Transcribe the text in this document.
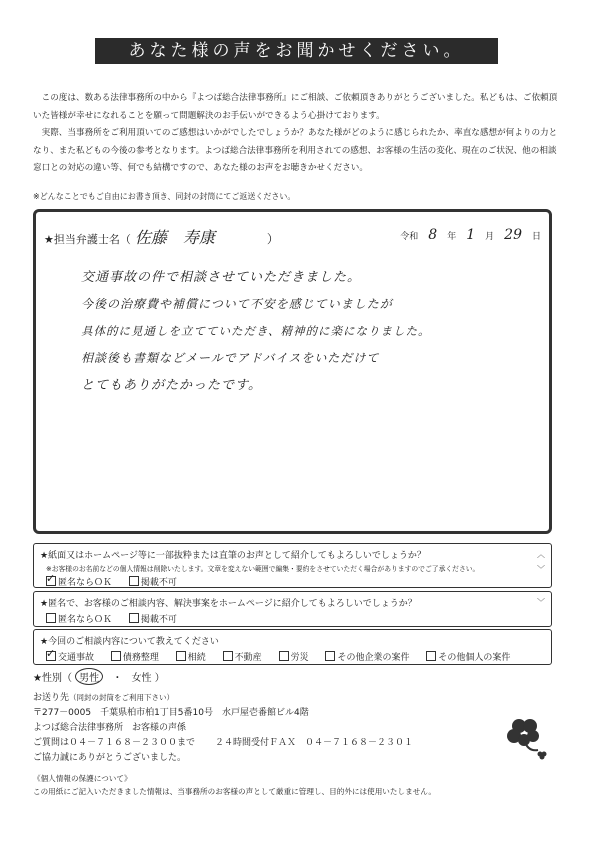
あなた様の声をお聞かせください。

この度は、数ある法律事務所の中から『よつば総合法律事務所』にご相談、ご依頼頂きありがとうございました。私どもは、ご依頼頂いた皆様が幸せになれることを願って問題解決のお手伝いができるよう心掛けております。

実際、当事務所をご利用頂いてのご感想はいかがでしたでしょうか？あなた様がどのように感じられたか、率直な感想が何よりの力となり、また私どもの今後の参考となります。よつば総合法律事務所を利用されての感想、お客様の生活の変化、現在のご状況、他の相談窓口との対応の違い等、何でも結構ですので、あなた様のお声をお聴きかせください。

※どんなことでもご自由にお書き頂き、同封の封筒にてご返送ください。
★担当弁護士名（ 佐藤　寿康	）	令和 8 年 1 月 29 日
交通事故の件で相談させていただきました。
今後の治療費や補償について不安を感じていましたが
具体的に見通しを立てていただき、精神的に楽になりました。
相談後も書類などメールでアドバイスをいただけて
とてもありがたかったです。
★紙面又はホームページ等に一部抜粋または直筆のお声として紹介してもよろしいでしょうか？	︿
※お客様のお名前などの個人情報は削除いたします。文章を変えない範囲で編集・要約をさせていただく場合がありますのでご了承ください。	﹀
✓匿名ならＯＫ	掲載不可
★匿名で、お客様のご相談内容、解決事案をホームページに紹介してもよろしいでしょうか？	﹀
匿名ならＯＫ	掲載不可
★今回のご相談内容について教えてください
✓交通事故	債務整理	相続	不動産	労災	その他企業の案件	その他個人の案件
★性別（ 男性 ・ 女性 ）
お送り先（同封の封筒をご利用下さい）
〒277－0005　千葉県柏市柏1丁目5番10号　水戸屋壱番館ビル4階
よつば総合法律事務所　お客様の声係
ご質問は０４－７１６８－２３００まで ２４時間受付ＦＡＸ　０４－７１６８－２３０１
ご協力誠にありがとうございました。
《個人情報の保護について》
この用紙にご記入いただきました情報は、当事務所のお客様の声として厳重に管理し、目的外には使用いたしません。
